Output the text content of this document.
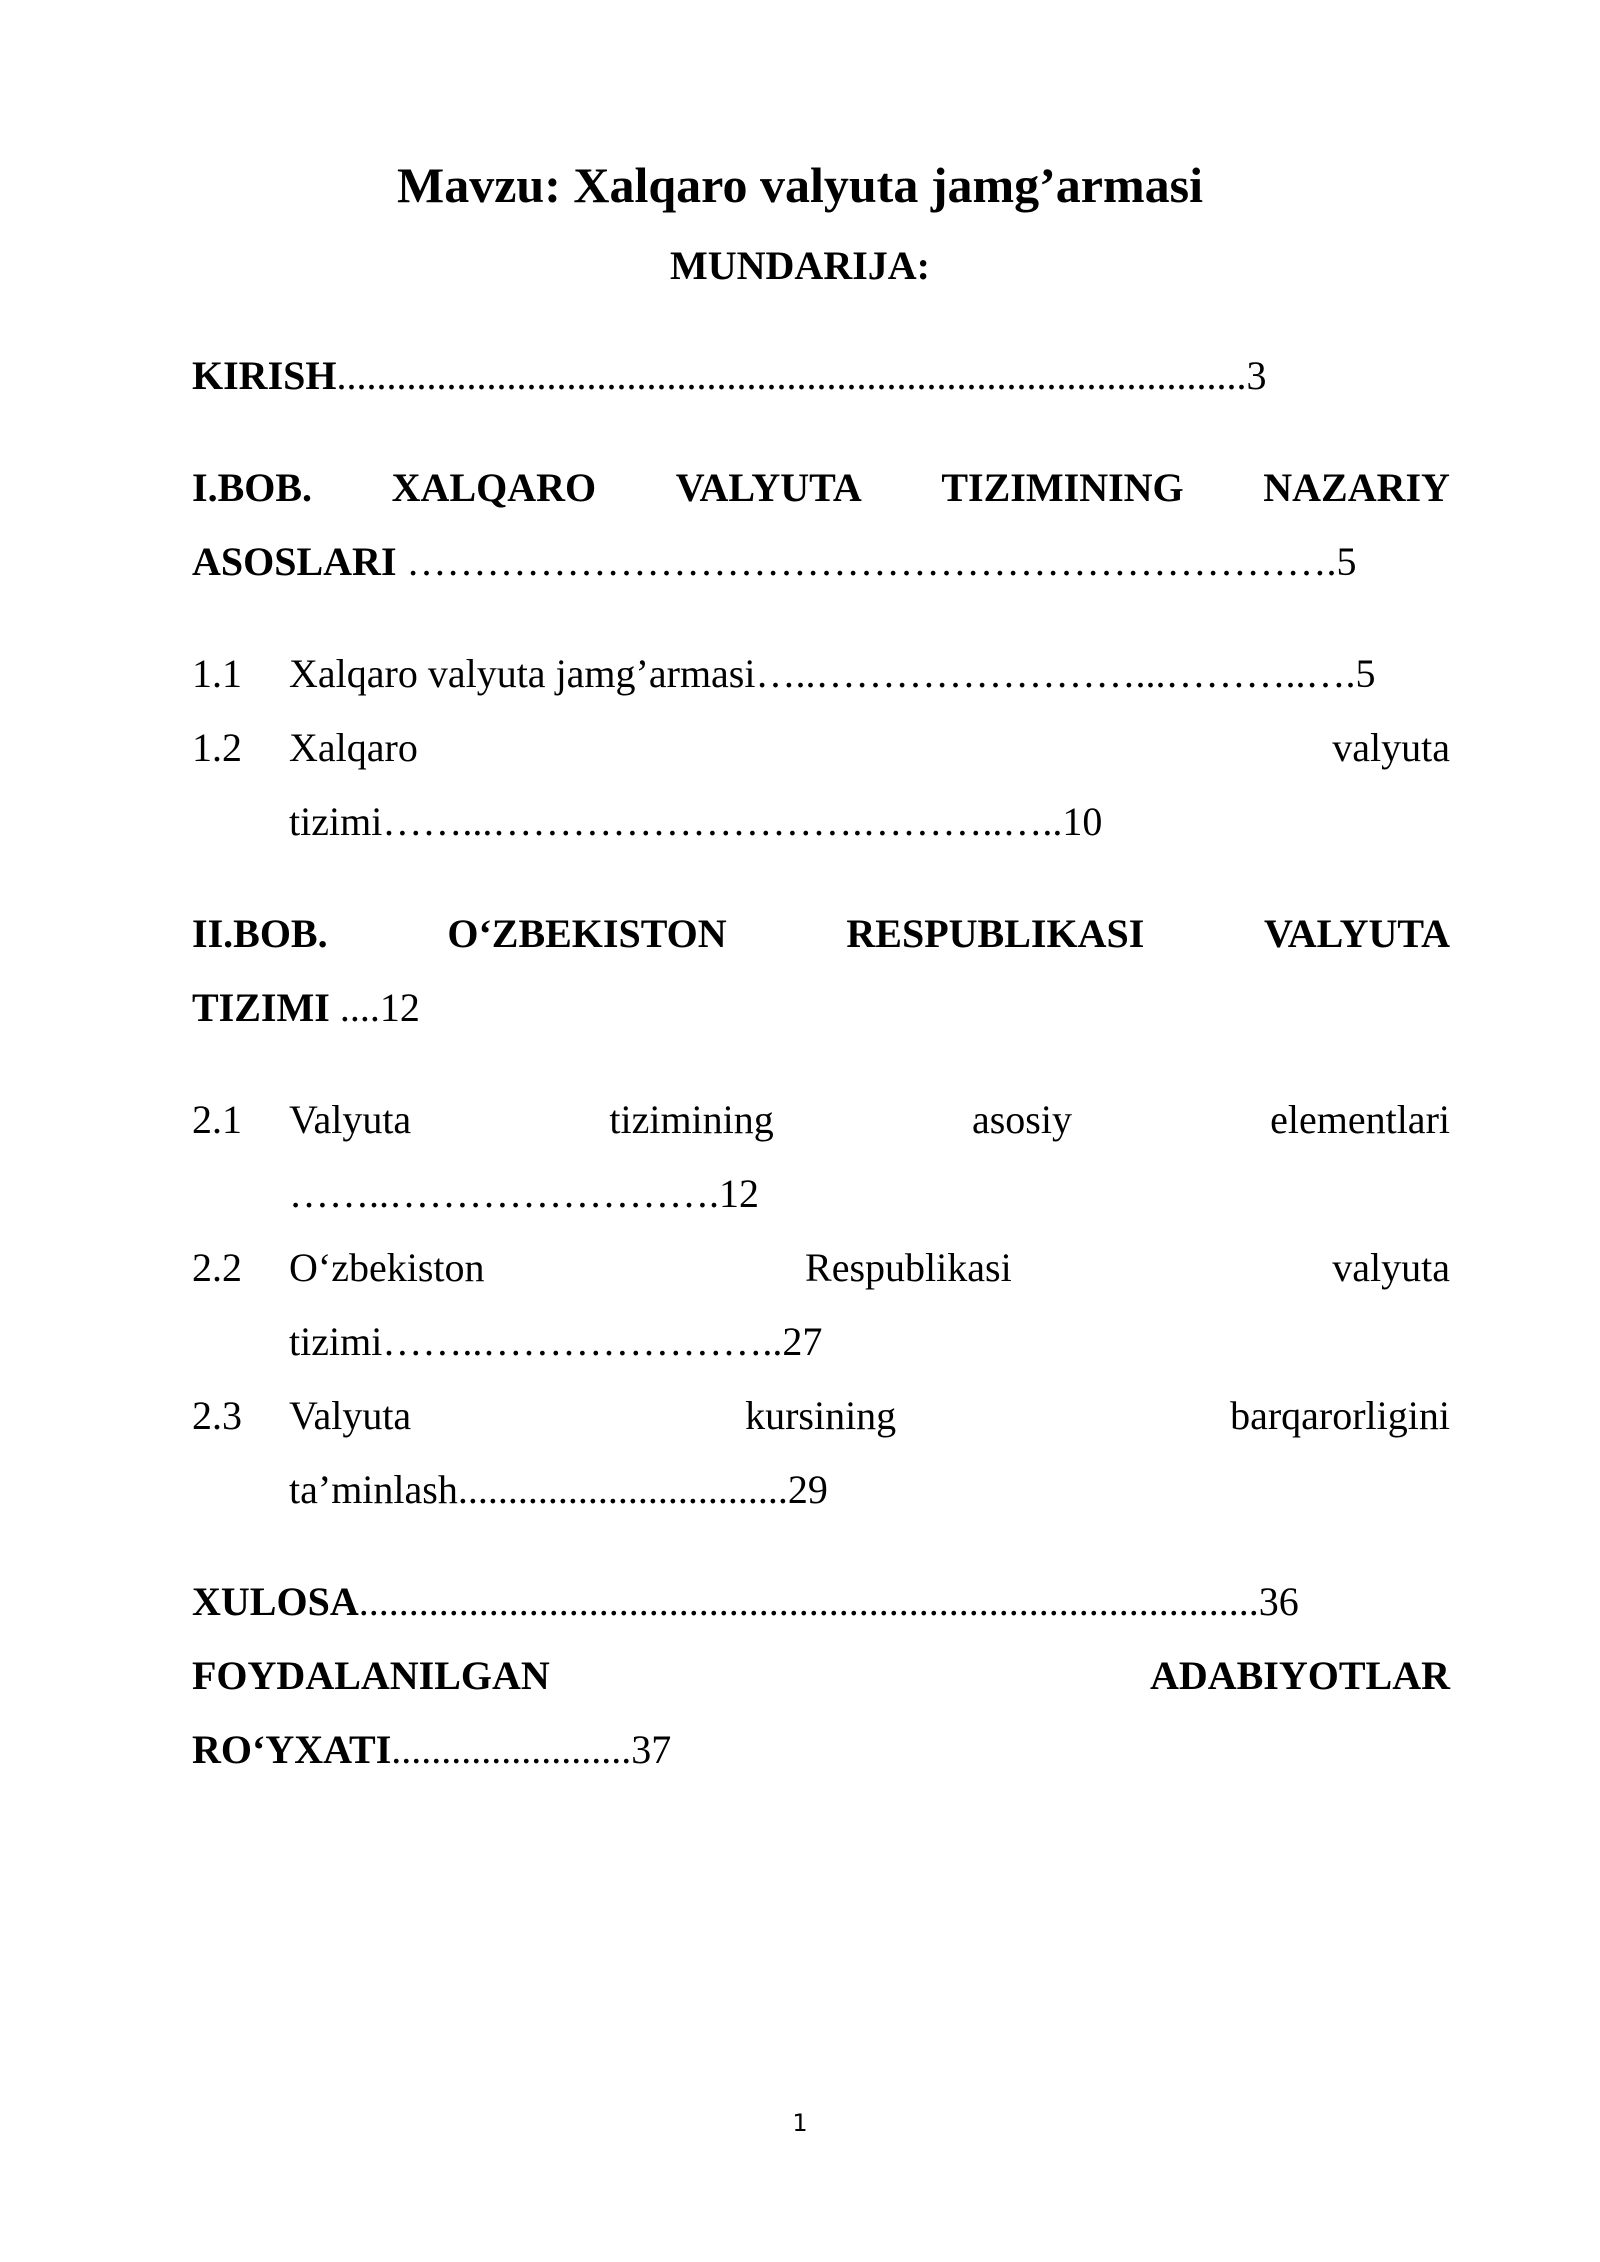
Mavzu: Xalqaro valyuta jamg’armasi
MUNDARIJA:
KIRISH...........................................................................................3
I.BOB. XALQARO VALYUTA TIZIMINING NAZARIY
ASOSLARI …………………………………………………………….5
1.1 Xalqaro valyuta jamg’armasi…..……………………...………..….5
1.2 Xalqaro	valyuta
tizimi……...……………………….………..…..10
II.BOB.	O‘ZBEKISTON	RESPUBLIKASI	VALYUTA
TIZIMI ....12
2.1 Valyuta	tizimining	asosiy	elementlari
……..…………………….12
2.2 O‘zbekiston	Respublikasi	valyuta
tizimi……..…………………..27
2.3 Valyuta	kursining	barqarorligini
ta’minlash.................................29
XULOSA..........................................................................................36
FOYDALANILGAN	ADABIYOTLAR
RO‘YXATI........................37
1
